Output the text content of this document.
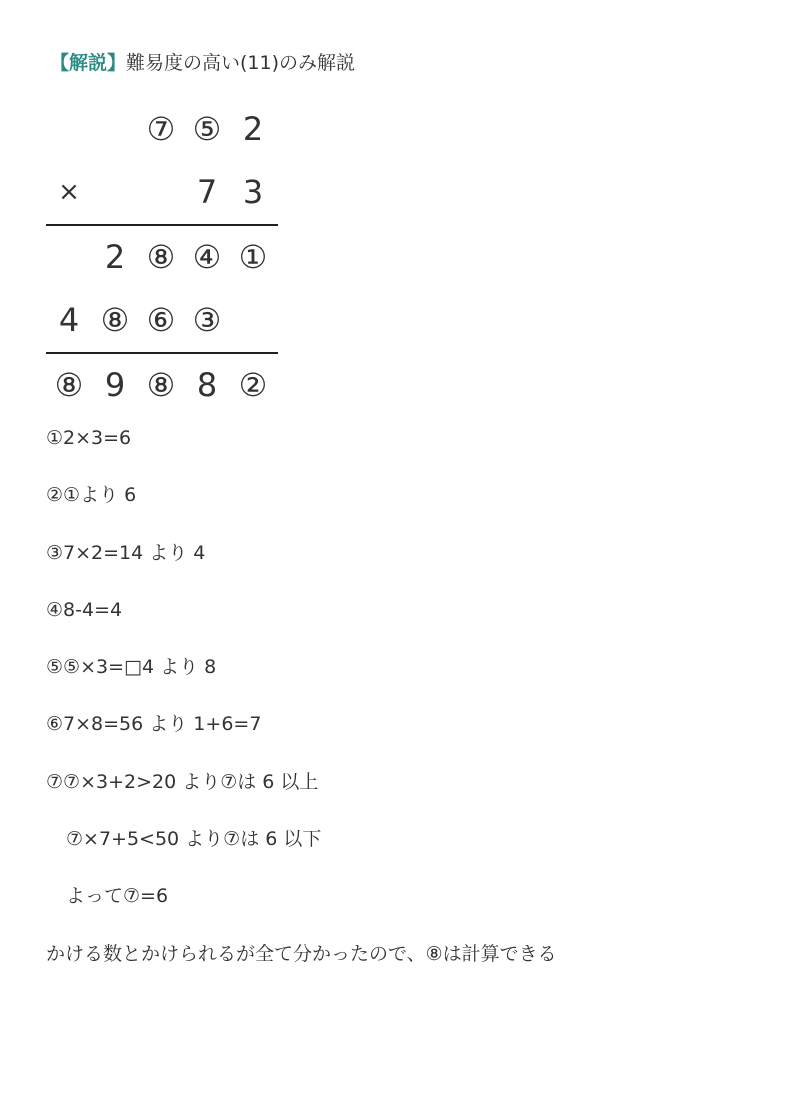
【解説】難易度の高い(11)のみ解説
⑦ ⑤ 2
×	7 3
2 ⑧ ④ ①
4 ⑧ ⑥ ③
⑧ 9 ⑧ 8 ②
①2×3=6
②①より 6
③7×2=14 より 4
④8-4=4
⑤⑤×3=□4 より 8
⑥7×8=56 より 1+6=7
⑦⑦×3+2>20 より⑦は 6 以上
⑦×7+5<50 より⑦は 6 以下
よって⑦=6
かける数とかけられるが全て分かったので、⑧は計算できる
